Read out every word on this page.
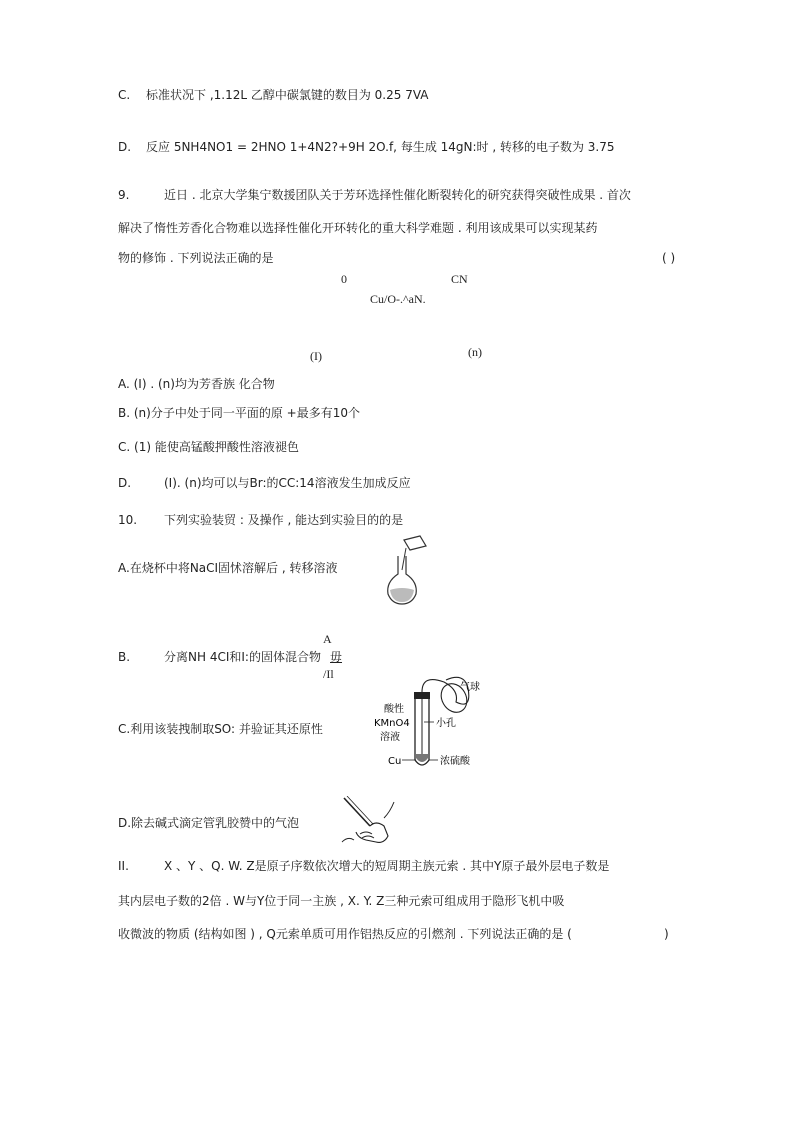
C. 标准状况下 ,1.12L 乙醇中碳氯键的数目为 0.25 7VA
D. 反应 5NH4NO1 = 2HNO 1+4N2?+9H 2O.f, 每生成 14gN:时 , 转移的电子数为 3.75
9.	近日 . 北京大学集宁数援团队关于芳环选择性催化断裂转化的研究获得突破性成果 . 首次
解决了惰性芳香化合物难以选择性催化开环转化的重大科学难题 . 利用该成果可以实现某药
物的修饰 . 下列说法正确的是	( )
0	CN
Cu/O-.^aN.
(I)	(n)
A. (I) . (n)均为芳香族 化合物
B. (n)分子中处于同一平面的原 +最多有10个
C. (1) 能使高锰酸押酸性溶液褪色
D.	(I). (n)均可以与Br:的CC:14溶液发生加成反应
10. 下列实验装贸 : 及操作 , 能达到实验目的的是
A.在烧杯中将NaCI固怵溶解后 , 转移溶液
A
B.	分离NH 4CI和I:的固体混合物 毋
/Il
C.利用该装拽制取SO: 并验证其还原性
气球
酸性
KMnO4
溶液
小孔
Cu	浓硫酸
D.除去碱式滴定管乳胶赞中的气泡
II.	X 、Y 、Q. W. Z是原子序数依次增大的短周期主族元索 . 其中Y原子最外层电子数是
其内层电子数的2倍 . W与Y位于同一主族 , X. Y. Z三种元索可组成用于隐形飞机中吸
收微波的物质 (结构如图 ) , Q元索单质可用作铝热反应的引燃剂 . 下列说法正确的是 (	)
